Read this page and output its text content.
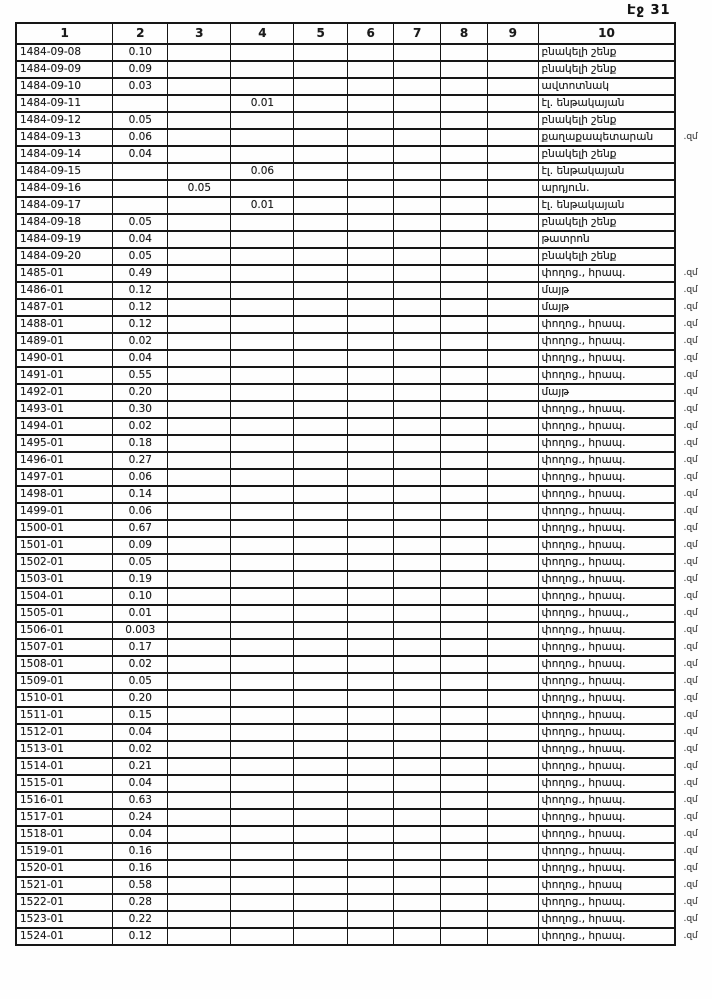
Էջ 31
1	2	3	4	5	6	7	8	9	10	
1484-09-08	0.10								բնակելի շենք	
1484-09-09	0.09								բնակելի շենք	
1484-09-10	0.03								ավտոտնակ	
1484-09-11			0.01						էլ. ենթակայան	
1484-09-12	0.05								բնակելի շենք	
1484-09-13	0.06								քաղաքապետարան	.զմ
1484-09-14	0.04								բնակելի շենք	
1484-09-15			0.06						էլ. ենթակայան	
1484-09-16		0.05							արդյուն.	
1484-09-17			0.01						էլ. ենթակայան	
1484-09-18	0.05								բնակելի շենք	
1484-09-19	0.04								թատրոն	
1484-09-20	0.05								բնակելի շենք	
1485-01	0.49								փողոց., հրապ.	.զմ
1486-01	0.12								մայթ	.զմ
1487-01	0.12								մայթ	.զմ
1488-01	0.12								փողոց., հրապ.	.զմ
1489-01	0.02								փողոց., հրապ.	.զմ
1490-01	0.04								փողոց., հրապ.	.զմ
1491-01	0.55								փողոց., հրապ.	.զմ
1492-01	0.20								մայթ	.զմ
1493-01	0.30								փողոց., հրապ.	.զմ
1494-01	0.02								փողոց., հրապ.	.զմ
1495-01	0.18								փողոց., հրապ.	.զմ
1496-01	0.27								փողոց., հրապ.	.զմ
1497-01	0.06								փողոց., հրապ.	.զմ
1498-01	0.14								փողոց., հրապ.	.զմ
1499-01	0.06								փողոց., հրապ.	.զմ
1500-01	0.67								փողոց., հրապ.	.զմ
1501-01	0.09								փողոց., հրապ.	.զմ
1502-01	0.05								փողոց., հրապ.	.զմ
1503-01	0.19								փողոց., հրապ.	.զմ
1504-01	0.10								փողոց., հրապ.	.զմ
1505-01	0.01								փողոց., հրապ.,	.զմ
1506-01	0.003								փողոց., հրապ.	.զմ
1507-01	0.17								փողոց., հրապ.	.զմ
1508-01	0.02								փողոց., հրապ.	.զմ
1509-01	0.05								փողոց., հրապ.	.զմ
1510-01	0.20								փողոց., հրապ.	.զմ
1511-01	0.15								փողոց., հրապ.	.զմ
1512-01	0.04								փողոց., հրապ.	.զմ
1513-01	0.02								փողոց., հրապ.	.զմ
1514-01	0.21								փողոց., հրապ.	.զմ
1515-01	0.04								փողոց., հրապ.	.զմ
1516-01	0.63								փողոց., հրապ.	.զմ
1517-01	0.24								փողոց., հրապ.	.զմ
1518-01	0.04								փողոց., հրապ.	.զմ
1519-01	0.16								փողոց., հրապ.	.զմ
1520-01	0.16								փողոց., հրապ.	.զմ
1521-01	0.58								փողոց., հրապ	.զմ
1522-01	0.28								փողոց., հրապ.	.զմ
1523-01	0.22								փողոց., հրապ.	.զմ
1524-01	0.12								փողոց., հրապ.	.զմ
